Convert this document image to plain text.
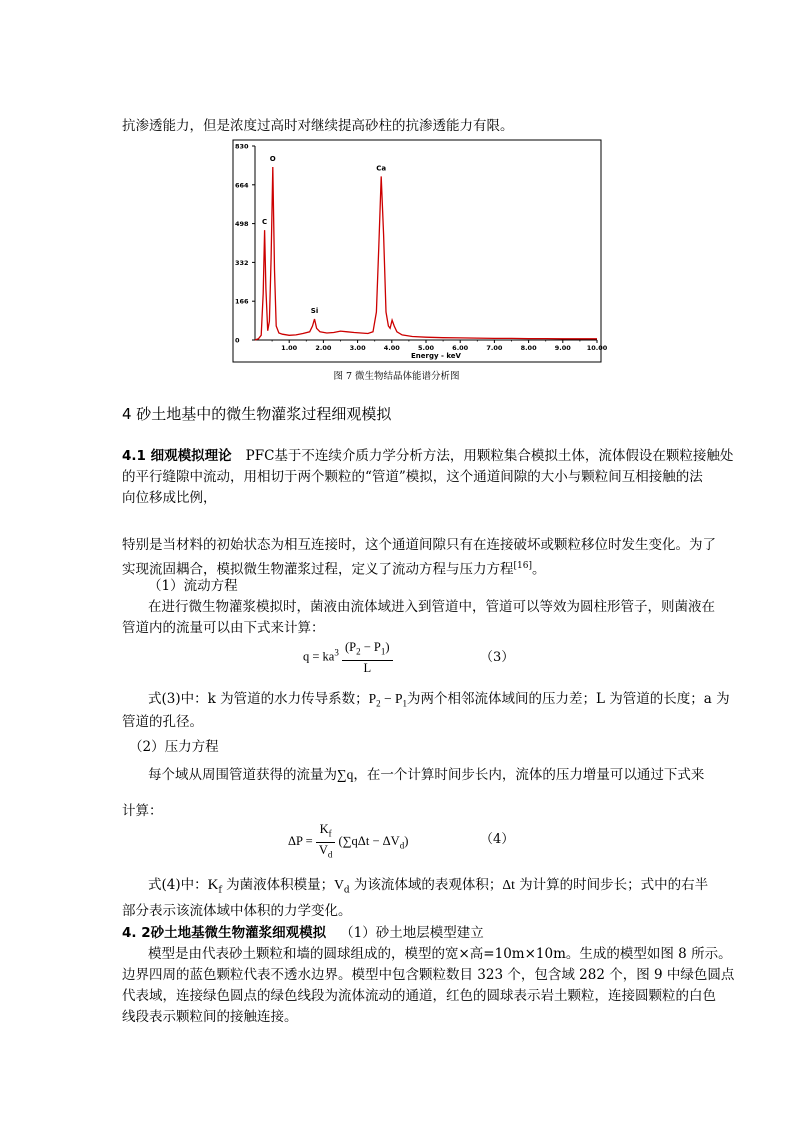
抗渗透能力，但是浓度过高时对继续提高砂柱的抗渗透能力有限。
0
166
332
498
664
830
1.00	2.00	3.00	4.00	5.00	6.00	7.00	8.00	9.00 10.00
C
O
Si
Ca
Energy - keV
图 7 微生物结晶体能谱分析图
4 砂土地基中的微生物灌浆过程细观模拟
4.1 细观模拟理论 PFC基于不连续介质力学分析方法，用颗粒集合模拟土体，流体假设在颗粒接触处
的平行缝隙中流动，用相切于两个颗粒的“管道”模拟，这个通道间隙的大小与颗粒间互相接触的法
向位移成比例，
特别是当材料的初始状态为相互连接时，这个通道间隙只有在连接破坏或颗粒移位时发生变化。为了
实现流固耦合，模拟微生物灌浆过程，定义了流动方程与压力方程[16]。
（1）流动方程
在进行微生物灌浆模拟时，菌液由流体域进入到管道中，管道可以等效为圆柱形管子，则菌液在
管道内的流量可以由下式来计算：
$q = ka^3 \frac{(P_2 - P_1)}{L}$	（3）
式(3)中：k 为管道的水力传导系数；$P_2 - P_1$为两个相邻流体域间的压力差；L 为管道的长度；a 为
管道的孔径。
（2）压力方程
每个域从周围管道获得的流量为∑q，在一个计算时间步长内，流体的压力增量可以通过下式来
计算：
$\Delta P = \frac{K_f}{V_d} (\sum q\Delta t - \Delta V_d)$	（4）
式(4)中：$K_f$ 为菌液体积模量；$V_d$ 为该流体域的表观体积；Δt 为计算的时间步长；式中的右半
部分表示该流体域中体积的力学变化。
4. 2砂土地基微生物灌浆细观模拟 （1）砂土地层模型建立
模型是由代表砂土颗粒和墙的圆球组成的，模型的宽×高=10m×10m。生成的模型如图 8 所示。
边界四周的蓝色颗粒代表不透水边界。模型中包含颗粒数目 323 个，包含域 282 个，图 9 中绿色圆点
代表域，连接绿色圆点的绿色线段为流体流动的通道，红色的圆球表示岩土颗粒，连接圆颗粒的白色
线段表示颗粒间的接触连接。
